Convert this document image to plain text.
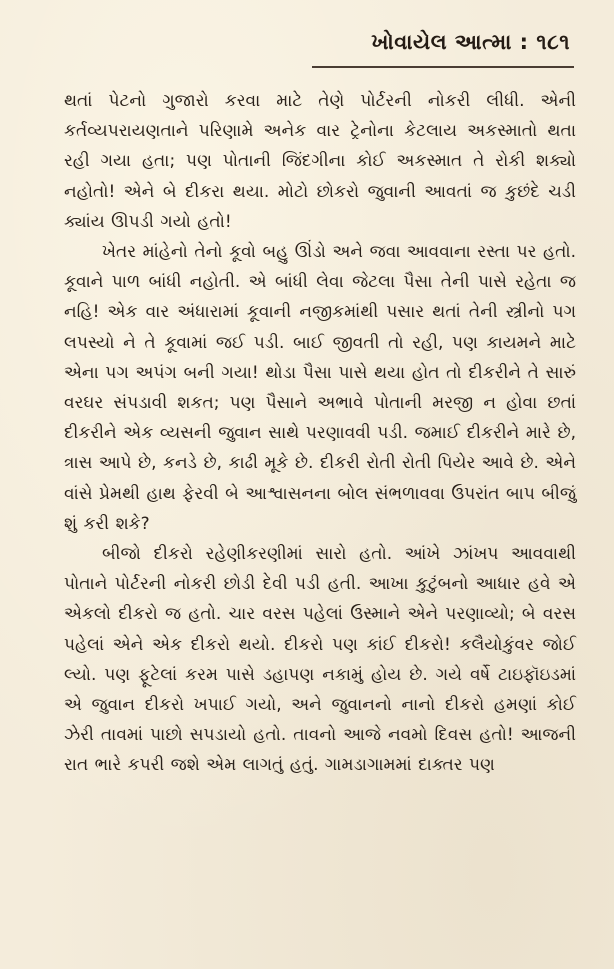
ખોવાયેલ આત્મા : ૧૮૧

થતાં પેટનો ગુજારો કરવા માટે તેણે પોર્ટરની નોકરી લીધી. એની કર્તવ્યપરાયણતાને પરિણામે અનેક વાર ટ્રેનોના કેટલાય અકસ્માતો થતા રહી ગયા હતા; પણ પોતાની જિંદગીના કોઈ અકસ્માત તે રોકી શક્યો નહોતો! એને બે દીકરા થયા. મોટો છોકરો જુવાની આવતાં જ કુછંદે ચડી ક્યાંય ઊપડી ગયો હતો!

ખેતર માંહેનો તેનો કૂવો બહુ ઊંડો અને જવા આવવાના રસ્તા પર હતો. કૂવાને પાળ બાંધી નહોતી. એ બાંધી લેવા જેટલા પૈસા તેની પાસે રહેતા જ નહિ! એક વાર અંધારામાં કૂવાની નજીકમાંથી પસાર થતાં તેની સ્ત્રીનો પગ લપસ્યો ને તે કૂવામાં જઈ પડી. બાઈ જીવતી તો રહી, પણ કાયમને માટે એના પગ અપંગ બની ગયા! થોડા પૈસા પાસે થયા હોત તો દીકરીને તે સારું વરઘર સંપડાવી શકત; પણ પૈસાને અભાવે પોતાની મરજી ન હોવા છતાં દીકરીને એક વ્યસની જુવાન સાથે પરણાવવી પડી. જમાઈ દીકરીને મારે છે, ત્રાસ આપે છે, કનડે છે, કાઢી મૂકે છે. દીકરી રોતી રોતી પિયેર આવે છે. એને વાંસે પ્રેમથી હાથ ફેરવી બે આશ્વાસનના બોલ સંભળાવવા ઉપરાંત બાપ બીજું શું કરી શકે?

બીજો દીકરો રહેણીકરણીમાં સારો હતો. આંખે ઝાંખપ આવવાથી પોતાને પોર્ટરની નોકરી છોડી દેવી પડી હતી. આખા કુટુંબનો આધાર હવે એ એકલો દીકરો જ હતો. ચાર વરસ પહેલાં ઉસ્માને એને પરણાવ્યો; બે વરસ પહેલાં એને એક દીકરો થયો. દીકરો પણ કાંઈ દીકરો! કલૈયોકુંવર જોઈ લ્યો. પણ ફૂટેલાં કરમ પાસે ડહાપણ નકામું હોય છે. ગયે વર્ષે ટાઇફૉઇડમાં એ જુવાન દીકરો ખપાઈ ગયો, અને જુવાનનો નાનો દીકરો હમણાં કોઈ ઝેરી તાવમાં પાછો સપડાયો હતો. તાવનો આજે નવમો દિવસ હતો! આજની રાત ભારે કપરી જશે એમ લાગતું હતું. ગામડાગામમાં દાક્તર પણ
